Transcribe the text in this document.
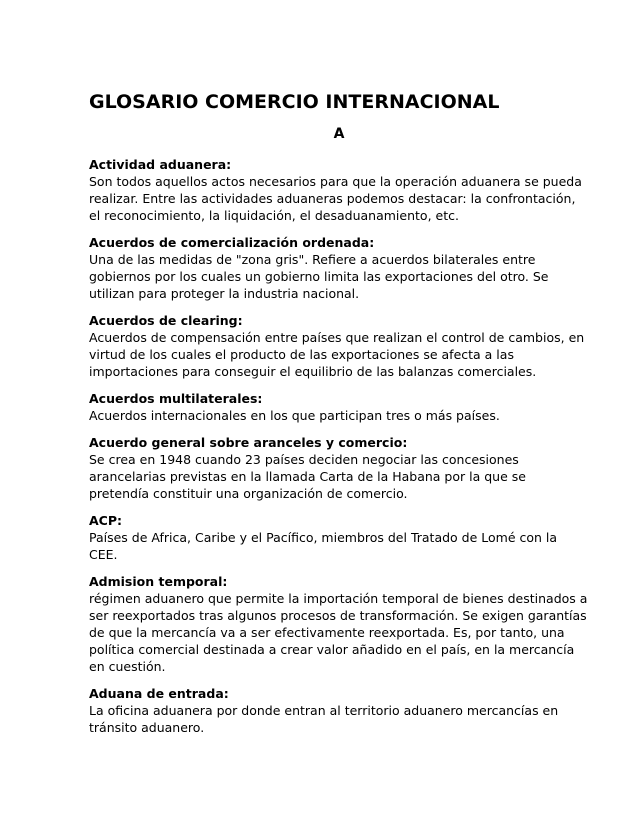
GLOSARIO COMERCIO INTERNACIONAL
A

Actividad aduanera:

Son todos aquellos actos necesarios para que la operación aduanera se pueda realizar. Entre las actividades aduaneras podemos destacar: la confrontación, el reconocimiento, la liquidación, el desaduanamiento, etc.

Acuerdos de comercialización ordenada:

Una de las medidas de "zona gris". Refiere a acuerdos bilaterales entre gobiernos por los cuales un gobierno limita las exportaciones del otro. Se utilizan para proteger la industria nacional.

Acuerdos de clearing:

Acuerdos de compensación entre países que realizan el control de cambios, en virtud de los cuales el producto de las exportaciones se afecta a las importaciones para conseguir el equilibrio de las balanzas comerciales.

Acuerdos multilaterales:

Acuerdos internacionales en los que participan tres o más países.

Acuerdo general sobre aranceles y comercio:

Se crea en 1948 cuando 23 países deciden negociar las concesiones arancelarias previstas en la llamada Carta de la Habana por la que se pretendía constituir una organización de comercio.

ACP:

Países de Africa, Caribe y el Pacífico, miembros del Tratado de Lomé con la CEE.

Admision temporal:

régimen aduanero que permite la importación temporal de bienes destinados a ser reexportados tras algunos procesos de transformación. Se exigen garantías de que la mercancía va a ser efectivamente reexportada. Es, por tanto, una política comercial destinada a crear valor añadido en el país, en la mercancía en cuestión.

Aduana de entrada:

La oficina aduanera por donde entran al territorio aduanero mercancías en tránsito aduanero.
